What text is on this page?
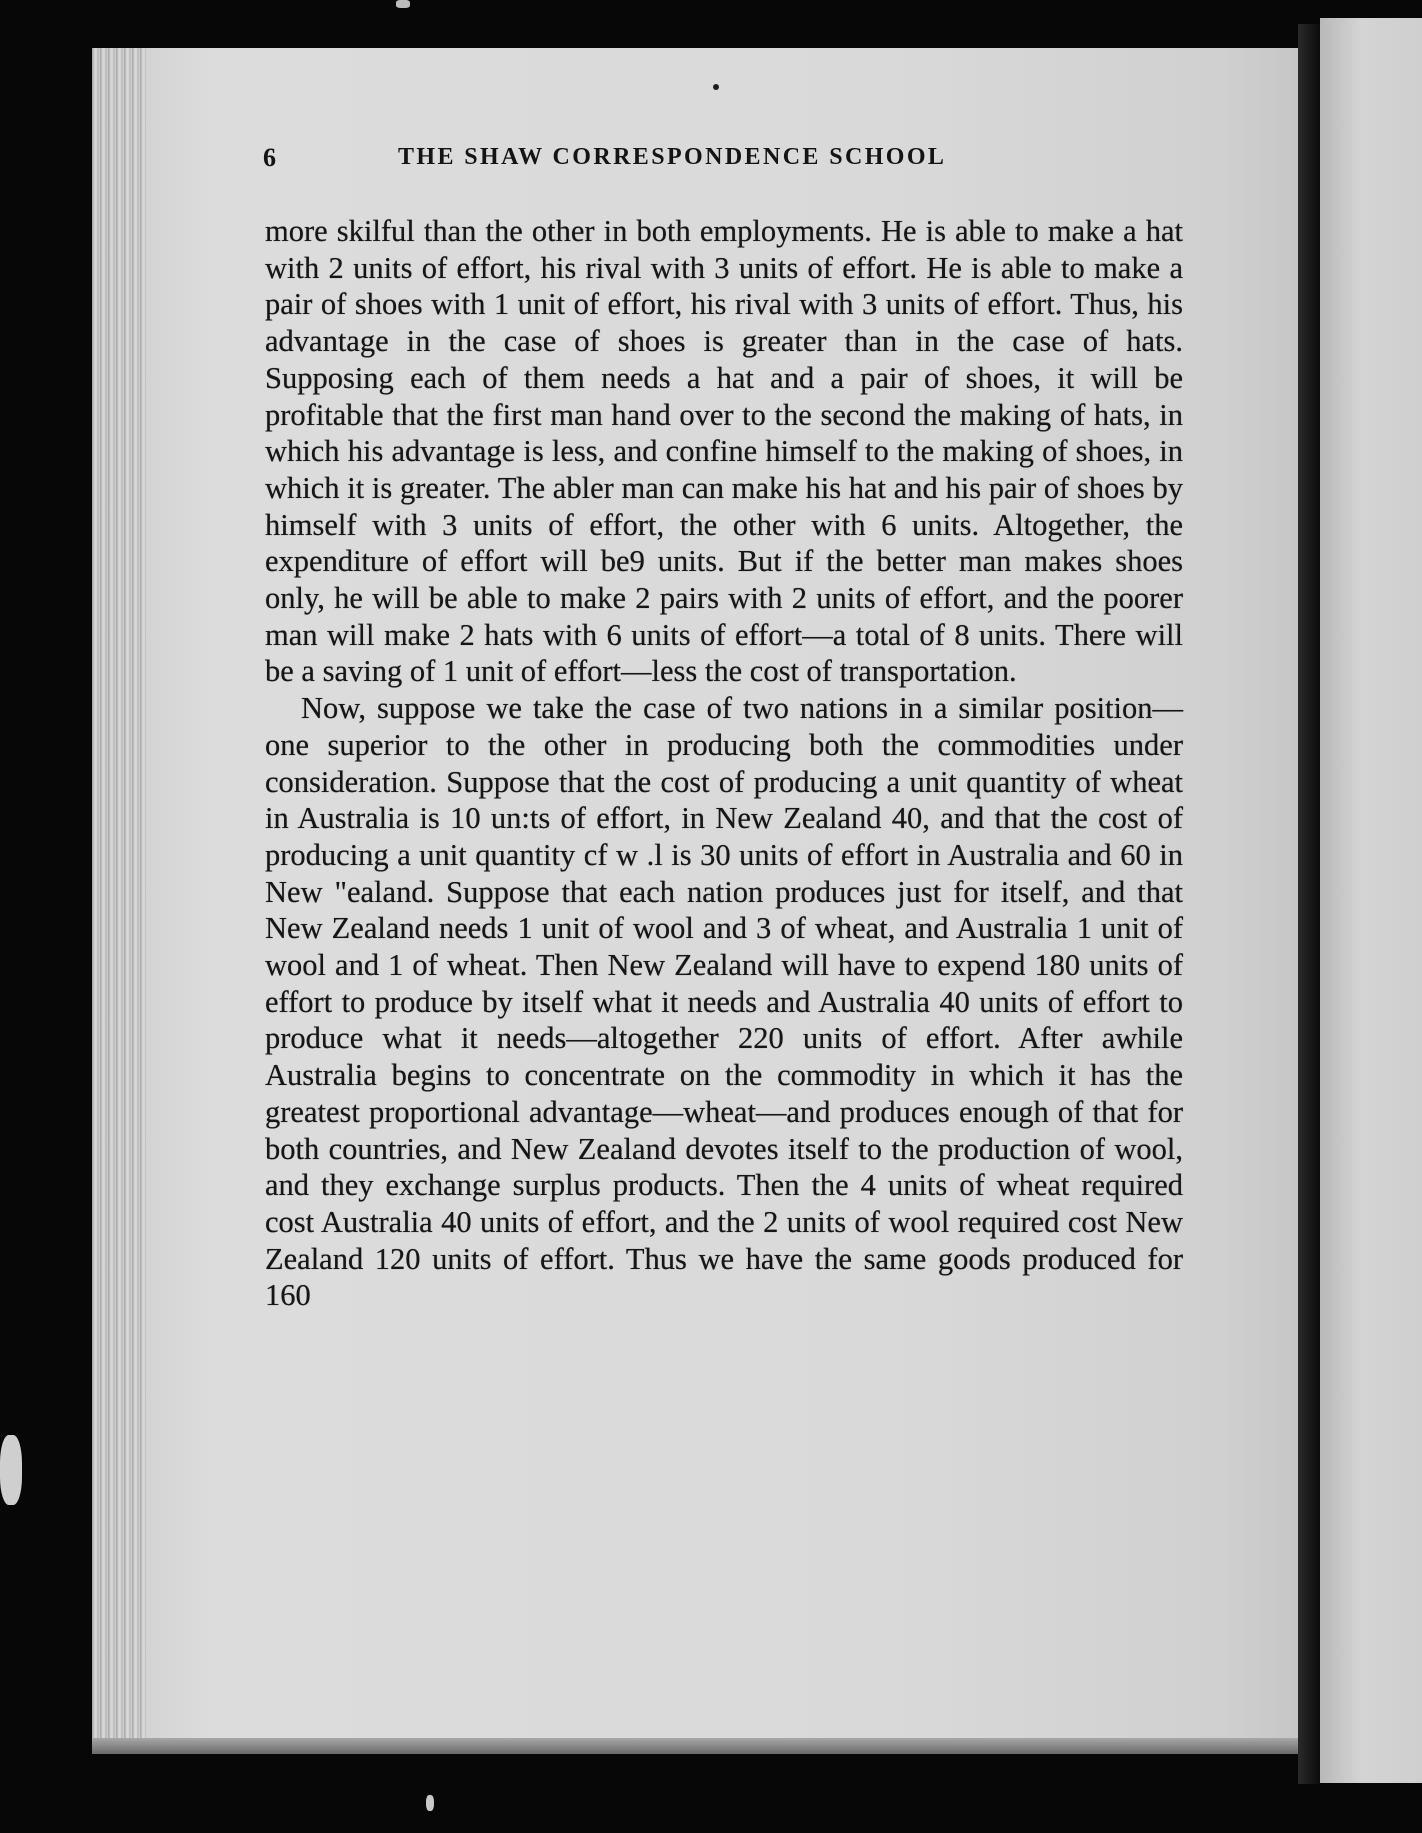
6	THE SHAW CORRESPONDENCE SCHOOL

more skilful than the other in both employments. He is able to make a hat with 2 units of effort, his rival with 3 units of effort. He is able to make a pair of shoes with 1 unit of effort, his rival with 3 units of effort. Thus, his advantage in the case of shoes is greater than in the case of hats. Supposing each of them needs a hat and a pair of shoes, it will be profitable that the first man hand over to the second the making of hats, in which his advantage is less, and confine himself to the making of shoes, in which it is greater. The abler man can make his hat and his pair of shoes by himself with 3 units of effort, the other with 6 units. Altogether, the expenditure of effort will be9 units. But if the better man makes shoes only, he will be able to make 2 pairs with 2 units of effort, and the poorer man will make 2 hats with 6 units of effort—a total of 8 units. There will be a saving of 1 unit of effort—less the cost of transportation.

Now, suppose we take the case of two nations in a similar position—one superior to the other in producing both the commodities under consideration. Suppose that the cost of producing a unit quantity of wheat in Australia is 10 un:ts of effort, in New Zealand 40, and that the cost of producing a unit quantity cf w .l is 30 units of effort in Australia and 60 in New "ealand. Suppose that each nation produces just for itself, and that New Zealand needs 1 unit of wool and 3 of wheat, and Australia 1 unit of wool and 1 of wheat. Then New Zealand will have to expend 180 units of effort to produce by itself what it needs and Australia 40 units of effort to produce what it needs—altogether 220 units of effort. After awhile Australia begins to concentrate on the commodity in which it has the greatest proportional advantage—wheat—and produces enough of that for both countries, and New Zealand devotes itself to the production of wool, and they exchange surplus products. Then the 4 units of wheat required cost Australia 40 units of effort, and the 2 units of wool required cost New Zealand 120 units of effort. Thus we have the same goods produced for 160
